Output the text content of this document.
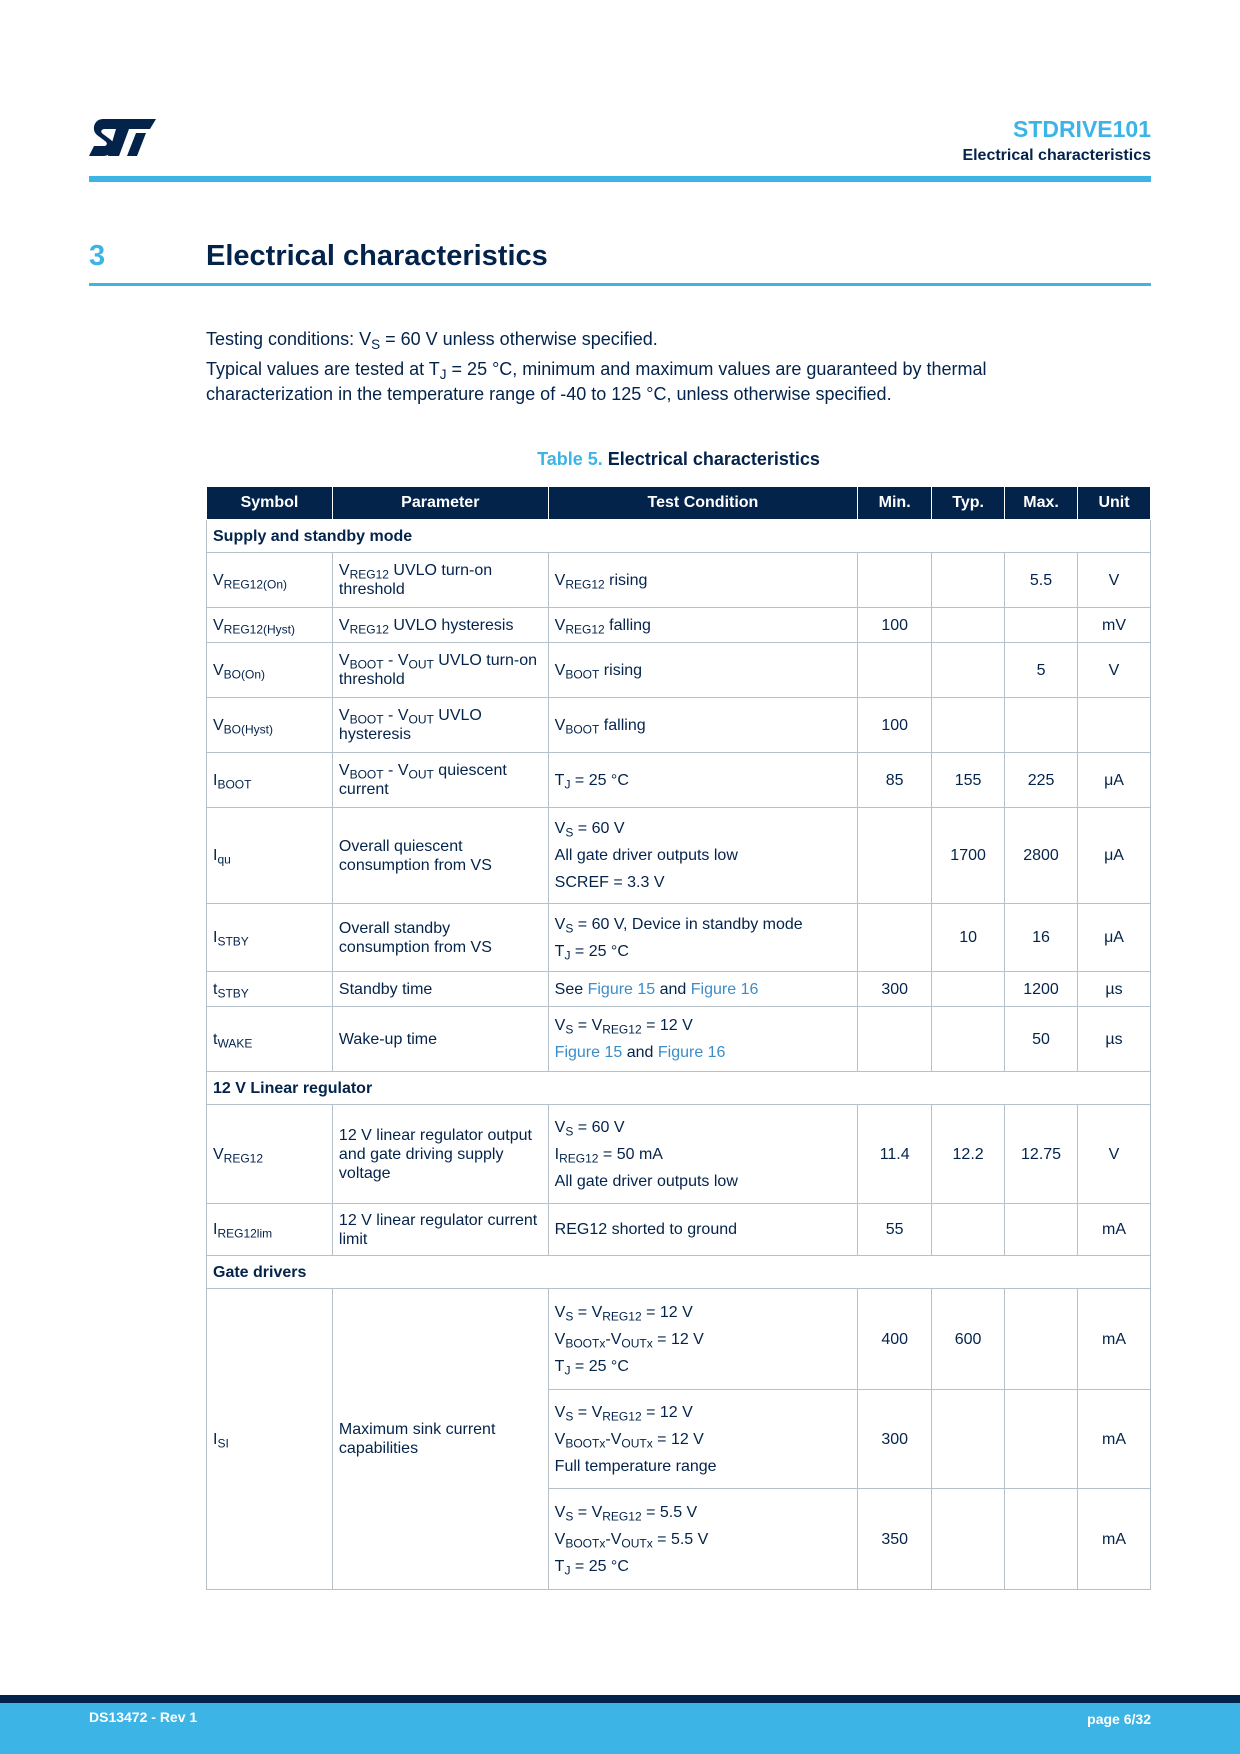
STDRIVE101
Electrical characteristics
3	Electrical characteristics
Testing conditions: $V_S = 60$ V unless otherwise specified.
Typical values are tested at $T_J = 25$ °C, minimum and maximum values are guaranteed by thermal characterization in the temperature range of -40 to 125 °C, unless otherwise specified.
Table 5. Electrical characteristics
Symbol	Parameter	Test Condition	Min.	Typ.	Max.	Unit
Supply and standby mode						
$V_{REG12(On)}$	$V_{REG12}$ UVLO turn-on threshold	$V_{REG12}$ rising			5.5	V
$V_{REG12(Hyst)}$	$V_{REG12}$ UVLO hysteresis	$V_{REG12}$ falling	100			mV
$V_{BO(On)}$	$V_{BOOT} - V_{OUT}$ UVLO turn-on threshold	$V_{BOOT}$ rising			5	V
$V_{BO(Hyst)}$	$V_{BOOT} - V_{OUT}$ UVLO hysteresis	$V_{BOOT}$ falling	100			
$I_{BOOT}$	$V_{BOOT} - V_{OUT}$ quiescent current	$T_J = 25$ °C	85	155	225	μA
$I_{qu}$	Overall quiescent consumption from VS	$V_S = 60$ V
All gate driver outputs low
SCREF = 3.3 V		1700	2800	μA
$I_{STBY}$	Overall standby consumption from VS	$V_S = 60$ V, Device in standby mode
$T_J = 25$ °C		10	16	μA
$t_{STBY}$	Standby time	See Figure 15 and Figure 16	300		1200	µs
$t_{WAKE}$	Wake-up time	$V_S = V_{REG12} = 12$ V
Figure 15 and Figure 16			50	µs
12 V Linear regulator						
$V_{REG12}$	12 V linear regulator output and gate driving supply voltage	$V_S = 60$ V
$I_{REG12} = 50$ mA
All gate driver outputs low	11.4	12.2	12.75	V
$I_{REG12lim}$	12 V linear regulator current limit	REG12 shorted to ground	55			mA
Gate drivers						
$I_{SI}$	Maximum sink current capabilities	$V_S = V_{REG12} = 12$ V
$V_{BOOTx}-V_{OUTx} = 12$ V
$T_J = 25$ °C	400	600		mA

		$V_S = V_{REG12} = 12$ V
$V_{BOOTx}-V_{OUTx} = 12$ V
Full temperature range	300			mA

		$V_S = V_{REG12} = 5.5$ V
$V_{BOOTx}-V_{OUTx} = 5.5$ V
$T_J = 25$ °C	350			mA
DS13472 - Rev 1	page 6/32
